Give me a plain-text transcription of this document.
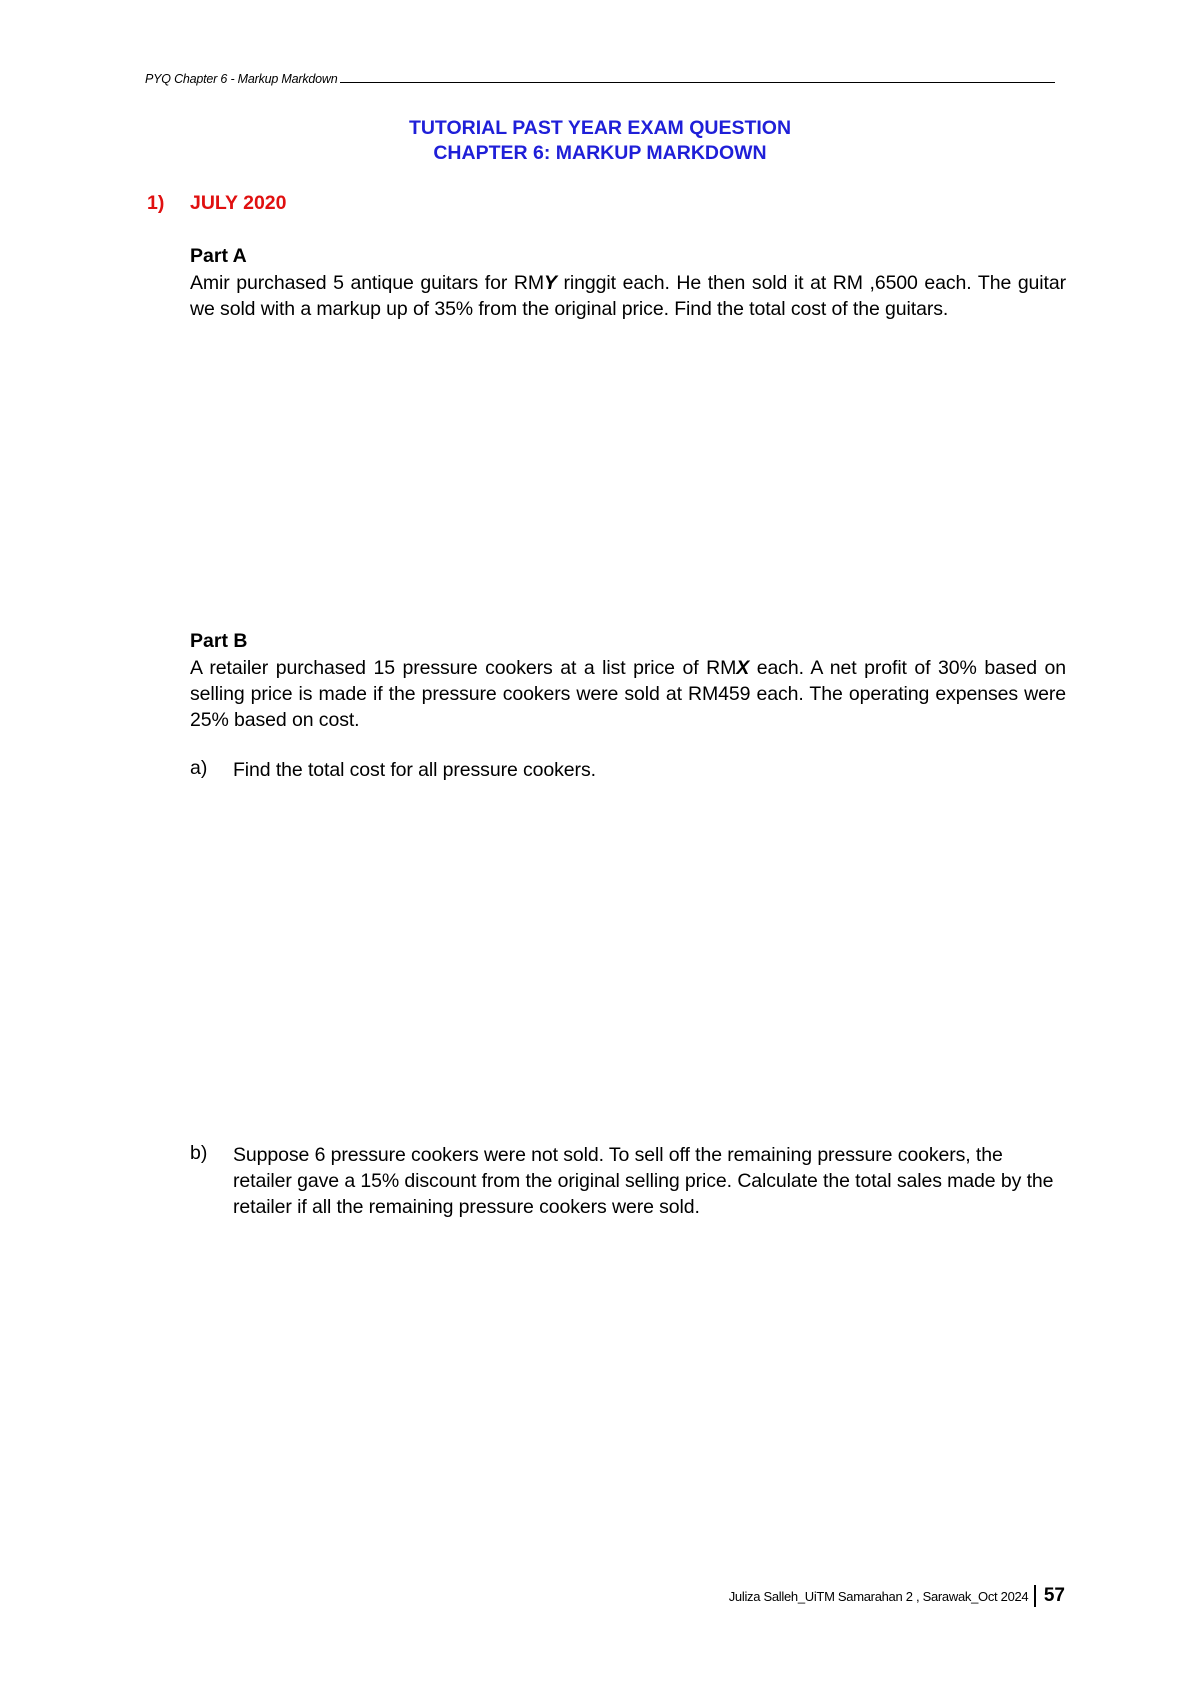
PYQ Chapter 6 - Markup Markdown
TUTORIAL PAST YEAR EXAM QUESTION
CHAPTER 6: MARKUP MARKDOWN
1) JULY 2020
Part A
Amir purchased 5 antique guitars for RMY ringgit each. He then sold it at RM ,6500 each. The guitar we sold with a markup up of 35% from the original price. Find the total cost of the guitars.
Part B
A retailer purchased 15 pressure cookers at a list price of RMX each. A net profit of 30% based on selling price is made if the pressure cookers were sold at RM459 each. The operating expenses were 25% based on cost.
a) Find the total cost for all pressure cookers.
b) Suppose 6 pressure cookers were not sold. To sell off the remaining pressure cookers, the retailer gave a 15% discount from the original selling price. Calculate the total sales made by the retailer if all the remaining pressure cookers were sold.
Juliza Salleh_UiTM Samarahan 2 , Sarawak_Oct 2024 57
